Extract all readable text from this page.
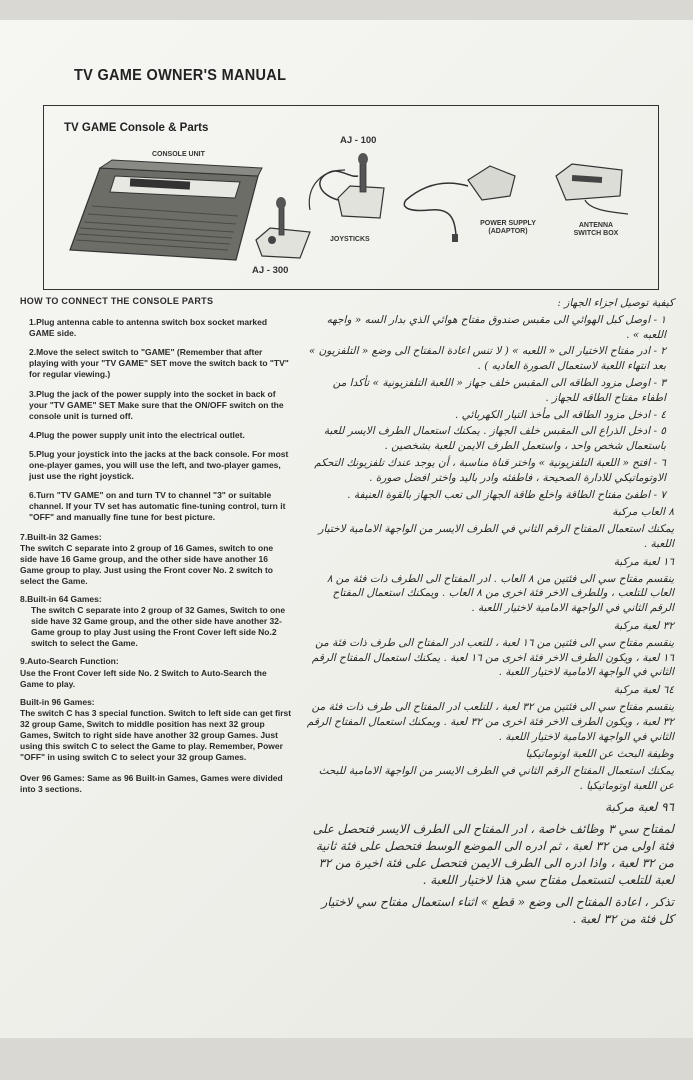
TV GAME OWNER'S MANUAL
TV GAME Console & Parts
CONSOLE UNIT
AJ - 100
AJ - 300
JOYSTICKS
POWER SUPPLY (ADAPTOR)
ANTENNA SWITCH BOX
HOW TO CONNECT THE CONSOLE PARTS
1.Plug antenna cable to antenna switch box socket marked GAME side.
2.Move the select switch to "GAME" (Remember that after playing with your "TV GAME" SET move the switch back to "TV" for regular viewing.)
3.Plug the jack of the power supply into the socket in back of your "TV GAME" SET Make sure that the ON/OFF switch on the console unit is turned off.
4.Plug the power supply unit into the electrical outlet.
5.Plug your joystick into the jacks at the back console. For most one-player games, you will use the left, and two-player games, just use the right joystick.
6.Turn "TV GAME" on and turn TV to channel "3" or suitable channel. If your TV set has automatic fine-tuning control, turn it "OFF" and manually fine tune for best picture.
7.Built-in 32 Games:
The switch C separate into 2 group of 16 Games, switch to one side have 16 Game group, and the other side have another 16 Game group to play. Just using the Front cover No. 2 switch to select the Game.
8.Built-in 64 Games:
The switch C separate into 2 group of 32 Games, Switch to one side have 32 Game group, and the other side have another 32-Game group to play Just using the Front Cover left side No.2 switch to select the Game.
9.Auto-Search Function:
Use the Front Cover left side No. 2 Switch to Auto-Search the Game to play.
Built-in 96 Games:
The switch C has 3 special function. Switch to left side can get first 32 group Game, Switch to middle position has next 32 group Games, Switch to right side have another 32 group Games. Just using this switch C to select the Game to play. Remember, Power "OFF" in using switch C to select your 32 group Games.
Over 96 Games: Same as 96 Built-in Games, Games were divided into 3 sections.
كيفية توصيل اجزاء الجهاز :
١ - اوصل كبل الهوائي الى مقبس صندوق مفتاح هوائي الذي بدار السه « واجهه اللعبه » .
٢ - ادر مفتاح الاختيار الى « اللعبه » ( لا تنس اعادة المفتاح الى وضع « التلفزيون » بعد انتهاء اللعبة لاستعمال الصورة العاديه ) .
٣ - اوصل مزود الطاقه الى المقبس خلف جهاز « اللعبة التلفزيونية » تأكدا من اطفاء مفتاح الطاقه للجهاز .
٤ - ادخل مزود الطاقه الى مأخذ التيار الكهربائي .
٥ - ادخل الذراع الى المقبس خلف الجهاز . يمكنك استعمال الطرف الايسر للعبة باستعمال شخص واحد ، واستعمل الطرف الايمن للعبة بشخصين .
٦ - افتح « اللعبة التلفزيونية » واختر قناة مناسبة ، أن يوجد عندك تلفزيونك التحكم الاوتوماتيكي للادارة الصحيحة ، فاطفئه وادر باليد واختر افضل صورة .
٧ - اطفئ مفتاح الطاقة واخلع طاقة الجهاز الى تعب الجهاز بالقوة العنيفة .
٨ العاب مركبة
يمكنك استعمال المفتاح الرقم الثاني في الطرف الايسر من الواجهة الامامية لاختيار اللعبة .
١٦ لعبة مركبة
ينقسم مفتاح سي الى فئتين من ٨ العاب . ادر المفتاح الى الطرف ذات فئة من ٨ العاب للتلعب ، وللطرف الاخر فئة اخرى من ٨ العاب . ويمكنك استعمال المفتاح الرقم الثاني في الواجهة الامامية لاختيار اللعبة .
٣٢ لعبة مركبة
ينقسم مفتاح سي الى فئتين من ١٦ لعبة ، للتعب ادر المفتاح الى طرف ذات فئة من ١٦ لعبة ، ويكون الطرف الاخر فئة اخرى من ١٦ لعبة . يمكنك استعمال المفتاح الرقم الثاني في الواجهة الامامية لاختيار اللعبة .
٦٤ لعبة مركبة
ينقسم مفتاح سي الى فئتين من ٣٢ لعبة ، للتلعب ادر المفتاح الى طرف ذات فئة من ٣٢ لعبة ، ويكون الطرف الاخر فئة اخرى من ٣٢ لعبة . ويمكنك استعمال المفتاح الرقم الثاني في الواجهة الامامية لاختيار اللعبة .
وظيفة البحث عن اللعبة اوتوماتيكيا
يمكنك استعمال المفتاح الرقم الثاني في الطرف الايسر من الواجهة الامامية للبحث عن اللعبة اوتوماتيكيا .
٩٦ لعبة مركبة
لمفتاح سي ٣ وظائف خاصة ، ادر المفتاح الى الطرف الايسر فتحصل على فئة اولى من ٣٢ لعبة ، ثم ادره الى الموضع الوسط فتحصل على فئة ثانية من ٣٢ لعبة ، واذا ادره الى الطرف الايمن فتحصل على فئة اخيرة من ٣٢ لعبة للتلعب لتستعمل مفتاح سي هذا لاختيار اللعبة .
تذكر ، اعادة المفتاح الى وضع « قطع » اثناء استعمال مفتاح سي لاختيار كل فئة من ٣٢ لعبة .
